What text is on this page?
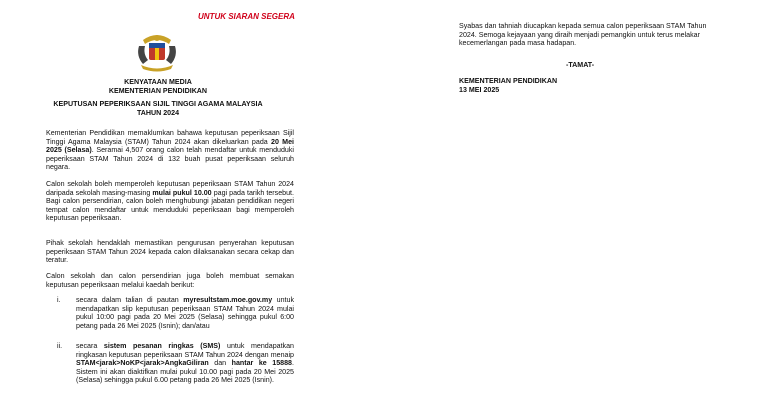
UNTUK SIARAN SEGERA
KENYATAAN MEDIA
KEMENTERIAN PENDIDIKAN
KEPUTUSAN PEPERIKSAAN SIJIL TINGGI AGAMA MALAYSIA
TAHUN 2024
Kementerian Pendidikan memaklumkan bahawa keputusan peperiksaan Sijil Tinggi Agama Malaysia (STAM) Tahun 2024 akan dikeluarkan pada 20 Mei 2025 (Selasa). Seramai 4,507 orang calon telah mendaftar untuk menduduki peperiksaan STAM Tahun 2024 di 132 buah pusat peperiksaan seluruh negara.
Calon sekolah boleh memperoleh keputusan peperiksaan STAM Tahun 2024 daripada sekolah masing-masing mulai pukul 10.00 pagi pada tarikh tersebut. Bagi calon persendirian, calon boleh menghubungi jabatan pendidikan negeri tempat calon mendaftar untuk menduduki peperiksaan bagi memperoleh keputusan peperiksaan.
Pihak sekolah hendaklah memastikan pengurusan penyerahan keputusan peperiksaan STAM Tahun 2024 kepada calon dilaksanakan secara cekap dan teratur.
Calon sekolah dan calon persendirian juga boleh membuat semakan keputusan peperiksaan melalui kaedah berikut:
i. secara dalam talian di pautan myresultstam.moe.gov.my untuk mendapatkan slip keputusan peperiksaan STAM Tahun 2024 mulai pukul 10:00 pagi pada 20 Mei 2025 (Selasa) sehingga pukul 6:00 petang pada 26 Mei 2025 (Isnin); dan/atau
ii. secara sistem pesanan ringkas (SMS) untuk mendapatkan ringkasan keputusan peperiksaan STAM Tahun 2024 dengan menaip STAM<jarak>NoKP<jarak>AngkaGiliran dan hantar ke 15888. Sistem ini akan diaktifkan mulai pukul 10.00 pagi pada 20 Mei 2025 (Selasa) sehingga pukul 6.00 petang pada 26 Mei 2025 (Isnin).
Syabas dan tahniah diucapkan kepada semua calon peperiksaan STAM Tahun 2024. Semoga kejayaan yang diraih menjadi pemangkin untuk terus melakar kecemerlangan pada masa hadapan.
-TAMAT-
KEMENTERIAN PENDIDIKAN
13 MEI 2025
